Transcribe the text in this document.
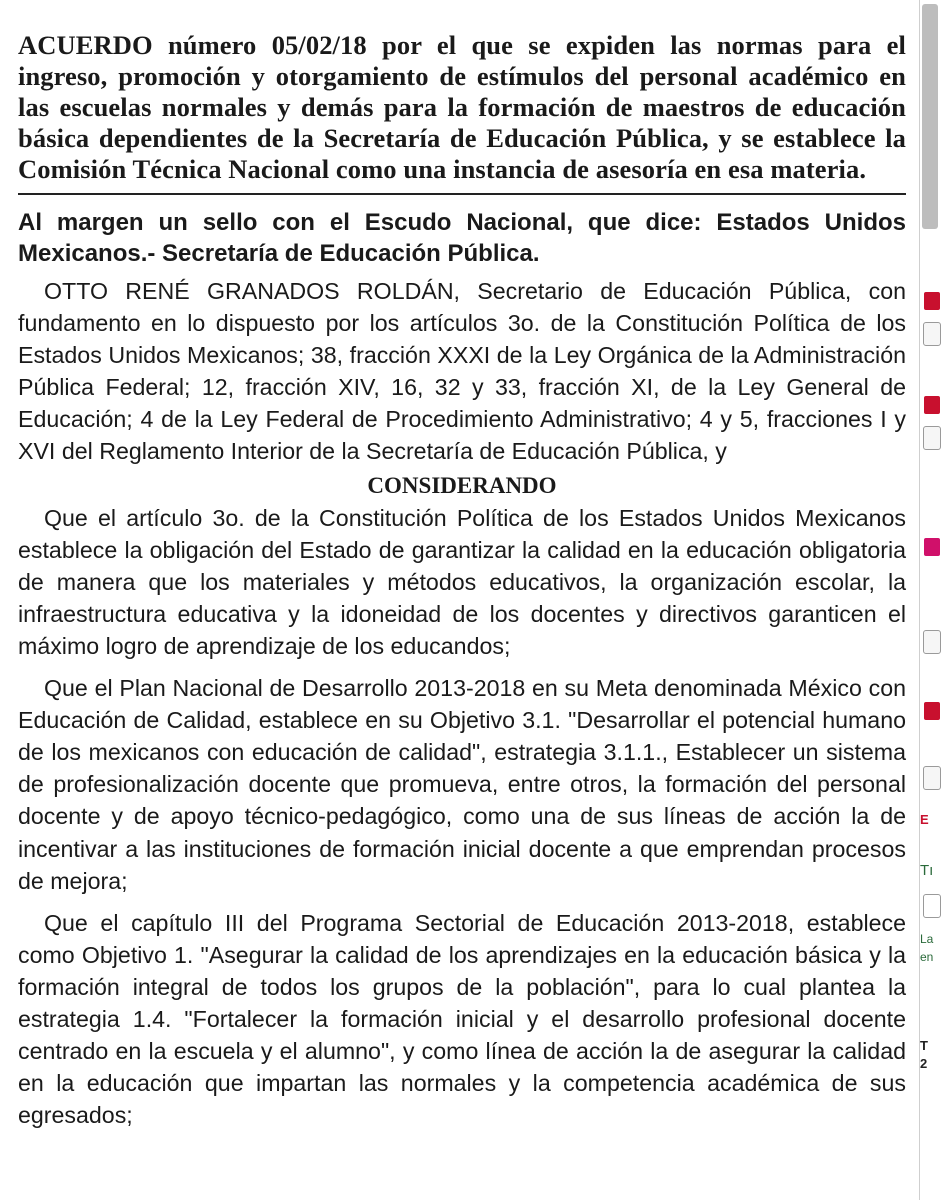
ACUERDO número 05/02/18 por el que se expiden las normas para el ingreso, promoción y otorgamiento de estímulos del personal académico en las escuelas normales y demás para la formación de maestros de educación básica dependientes de la Secretaría de Educación Pública, y se establece la Comisión Técnica Nacional como una instancia de asesoría en esa materia.

Al margen un sello con el Escudo Nacional, que dice: Estados Unidos Mexicanos.- Secretaría de Educación Pública.

OTTO RENÉ GRANADOS ROLDÁN, Secretario de Educación Pública, con fundamento en lo dispuesto por los artículos 3o. de la Constitución Política de los Estados Unidos Mexicanos; 38, fracción XXXI de la Ley Orgánica de la Administración Pública Federal; 12, fracción XIV, 16, 32 y 33, fracción XI, de la Ley General de Educación; 4 de la Ley Federal de Procedimiento Administrativo; 4 y 5, fracciones I y XVI del Reglamento Interior de la Secretaría de Educación Pública, y

CONSIDERANDO

Que el artículo 3o. de la Constitución Política de los Estados Unidos Mexicanos establece la obligación del Estado de garantizar la calidad en la educación obligatoria de manera que los materiales y métodos educativos, la organización escolar, la infraestructura educativa y la idoneidad de los docentes y directivos garanticen el máximo logro de aprendizaje de los educandos;

Que el Plan Nacional de Desarrollo 2013-2018 en su Meta denominada México con Educación de Calidad, establece en su Objetivo 3.1. "Desarrollar el potencial humano de los mexicanos con educación de calidad", estrategia 3.1.1., Establecer un sistema de profesionalización docente que promueva, entre otros, la formación del personal docente y de apoyo técnico-pedagógico, como una de sus líneas de acción la de incentivar a las instituciones de formación inicial docente a que emprendan procesos de mejora;

Que el capítulo III del Programa Sectorial de Educación 2013-2018, establece como Objetivo 1. "Asegurar la calidad de los aprendizajes en la educación básica y la formación integral de todos los grupos de la población", para lo cual plantea la estrategia 1.4. "Fortalecer la formación inicial y el desarrollo profesional docente centrado en la escuela y el alumno", y como línea de acción la de asegurar la calidad en la educación que impartan las normales y la competencia académica de sus egresados;

E
Tı
La
en
T
2
